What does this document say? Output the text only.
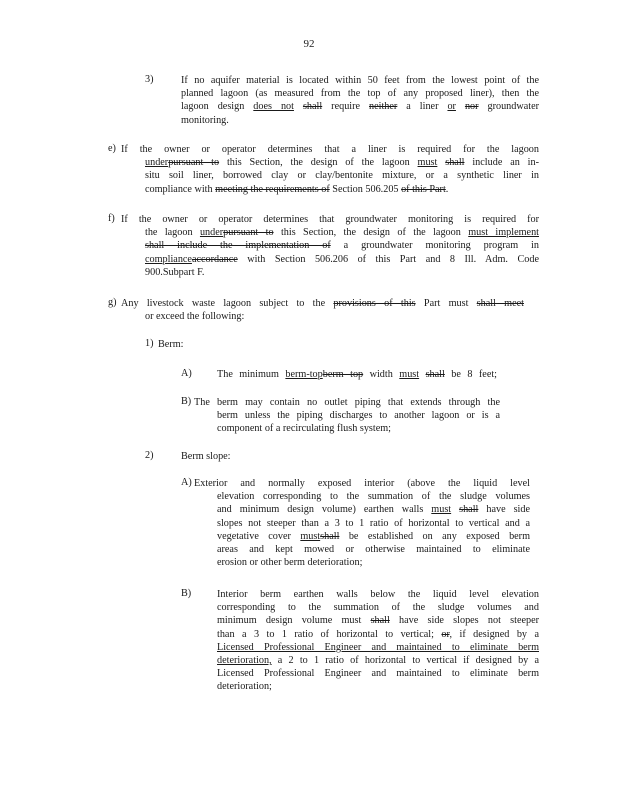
92
3)	If no aquifer material is located within 50 feet from the lowest point of the
planned lagoon (as measured from the top of any proposed liner), then the
lagoon design does not shall require neither a liner or nor groundwater
monitoring.
e) If the owner or operator determines that a liner is required for the lagoon
underpursuant to this Section, the design of the lagoon must shall include an in-
situ soil liner, borrowed clay or clay/bentonite mixture, or a synthetic liner in
compliance with meeting the requirements of Section 506.205 of this Part.
f) If the owner or operator determines that groundwater monitoring is required for
the lagoon underpursuant to this Section, the design of the lagoon must implement
shall include the implementation of a groundwater monitoring program in
complianceaccordance with Section 506.206 of this Part and 8 Ill. Adm. Code
900.Subpart F.
g) Any livestock waste lagoon subject to the provisions of this Part must shall meet
or exceed the following:
1) Berm:
A) The minimum berm-topberm top width must shall be 8 feet;
B) The berm may contain no outlet piping that extends through the
berm unless the piping discharges to another lagoon or is a
component of a recirculating flush system;
2)	Berm slope:
A) Exterior and normally exposed interior (above the liquid level
elevation corresponding to the summation of the sludge volumes
and minimum design volume) earthen walls must shall have side
slopes not steeper than a 3 to 1 ratio of horizontal to vertical and a
vegetative cover mustshall be established on any exposed berm
areas and kept mowed or otherwise maintained to eliminate
erosion or other berm deterioration;
B)	Interior berm earthen walls below the liquid level elevation
corresponding to the summation of the sludge volumes and
minimum design volume must shall have side slopes not steeper
than a 3 to 1 ratio of horizontal to vertical; or, if designed by a
Licensed Professional Engineer and maintained to eliminate berm
deterioration, a 2 to 1 ratio of horizontal to vertical if designed by a
Licensed Professional Engineer and maintained to eliminate berm
deterioration;
